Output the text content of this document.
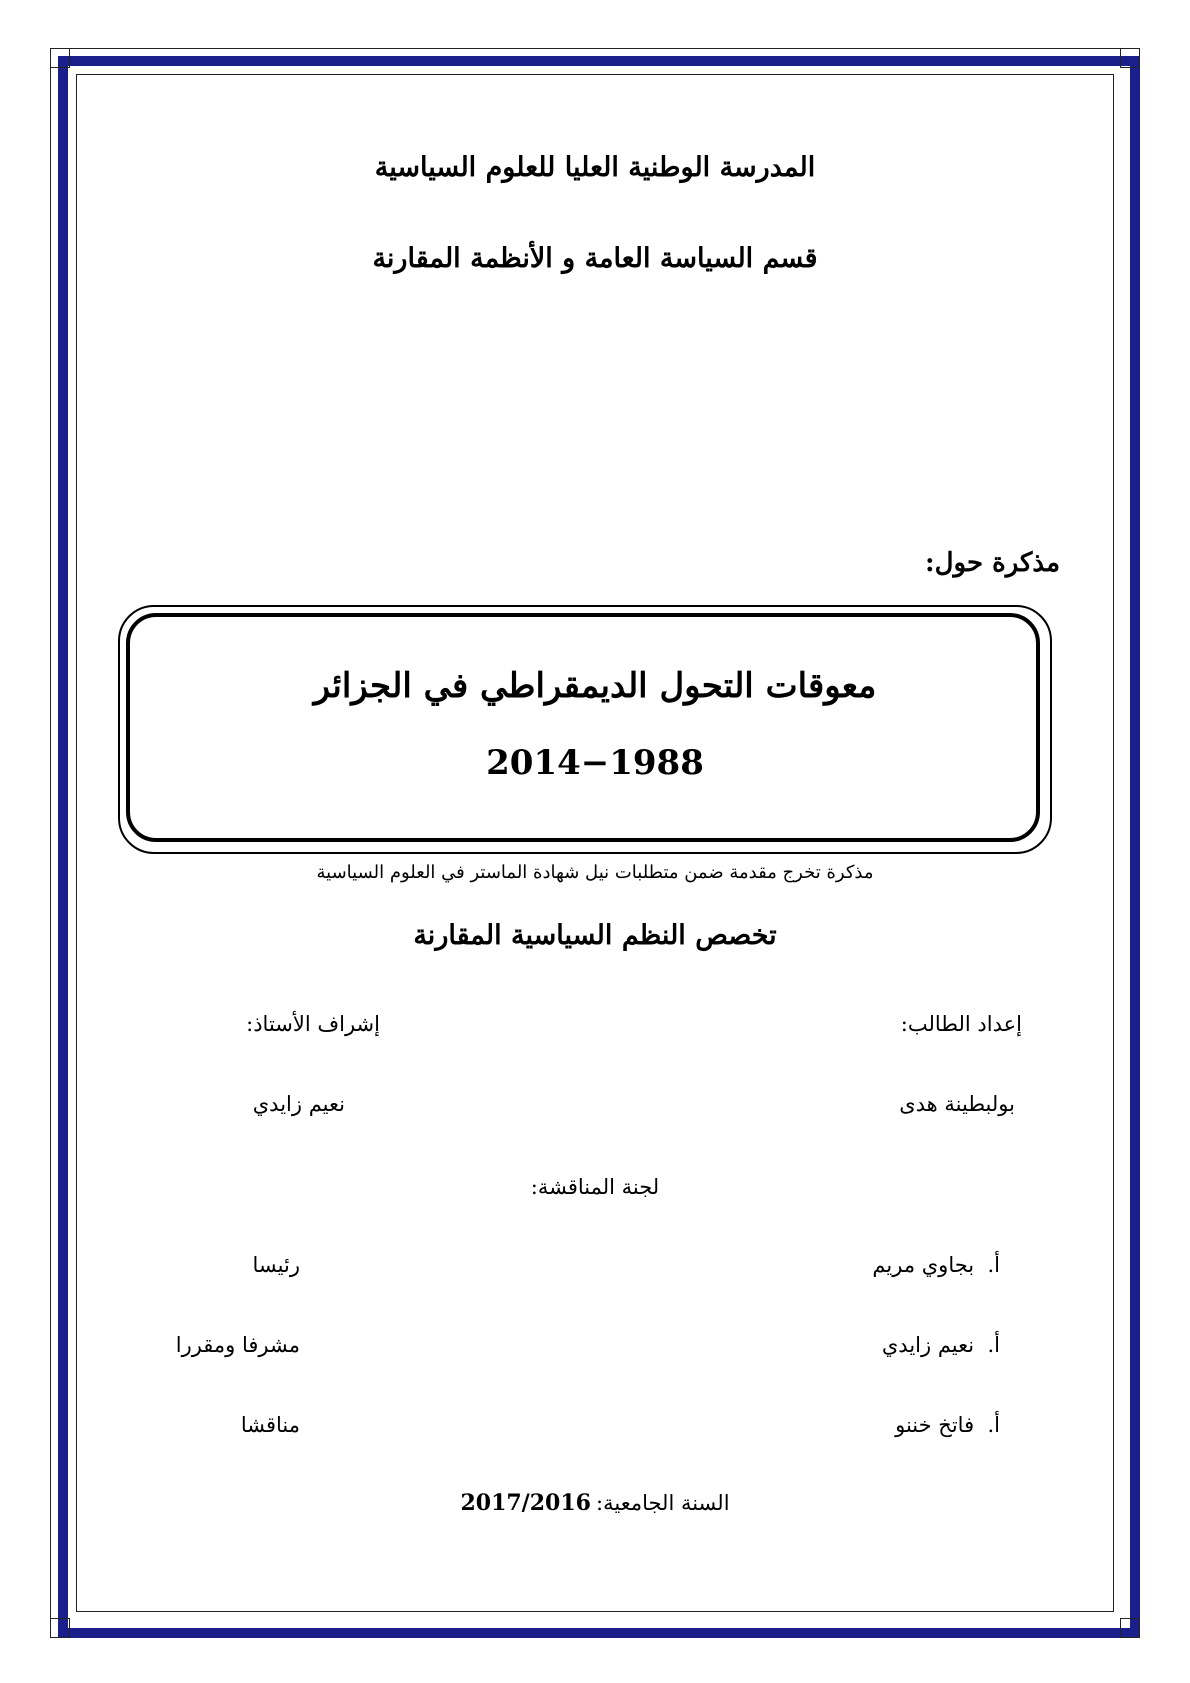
المدرسة الوطنية العليا للعلوم السياسية
قسم السياسة العامة و الأنظمة المقارنة
مذكرة حول:
معوقات التحول الديمقراطي في الجزائر
2014−1988
مذكرة تخرج مقدمة ضمن متطلبات نيل شهادة الماستر في العلوم السياسية
تخصص النظم السياسية المقارنة
إعداد الطالب:
إشراف الأستاذ:
بولبطينة هدى
نعيم زايدي
لجنة المناقشة:
أ.  بجاوي مريم
رئيسا
أ.  نعيم زايدي
مشرفا ومقررا
أ.  فاتخ خننو
مناقشا
السنة الجامعية: 2017/2016
